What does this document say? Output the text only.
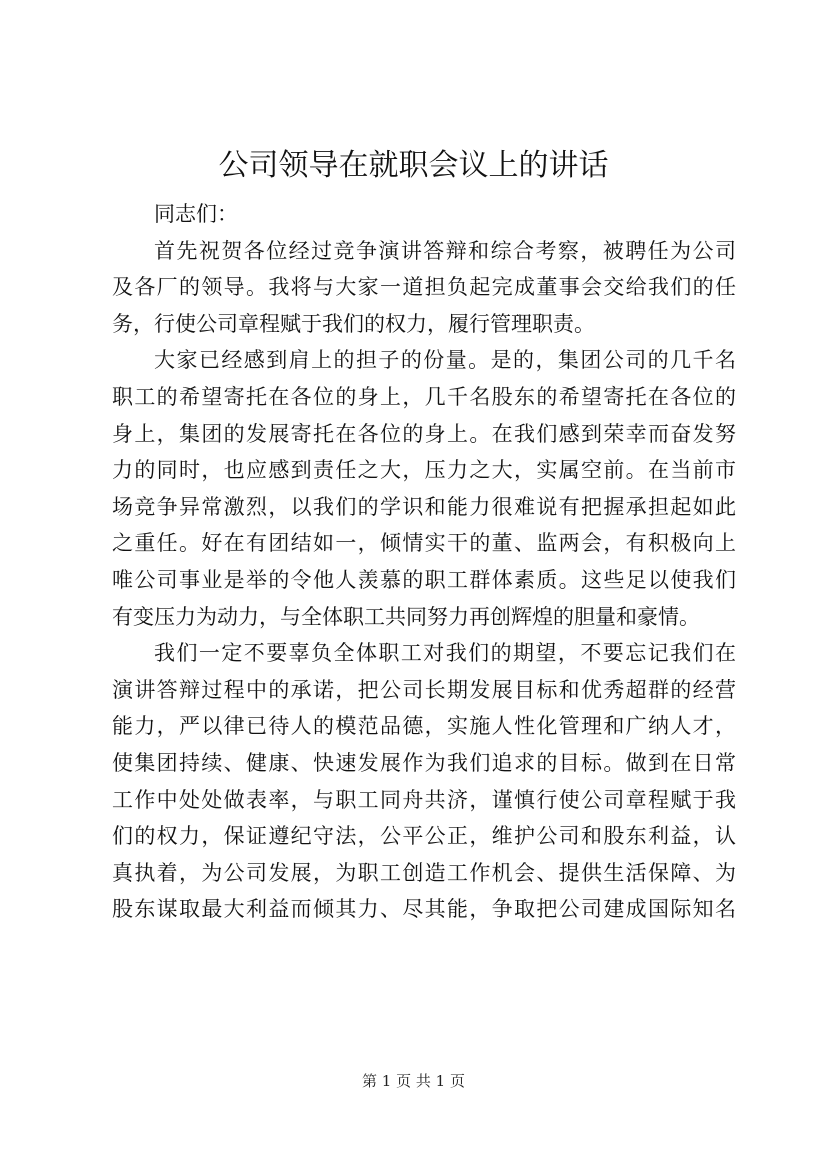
公司领导在就职会议上的讲话
同志们：
首先祝贺各位经过竞争演讲答辩和综合考察，被聘任为公司
及各厂的领导。我将与大家一道担负起完成董事会交给我们的任
务，行使公司章程赋于我们的权力，履行管理职责。
大家已经感到肩上的担子的份量。是的，集团公司的几千名
职工的希望寄托在各位的身上，几千名股东的希望寄托在各位的
身上，集团的发展寄托在各位的身上。在我们感到荣幸而奋发努
力的同时，也应感到责任之大，压力之大，实属空前。在当前市
场竞争异常激烈，以我们的学识和能力很难说有把握承担起如此
之重任。好在有团结如一，倾情实干的董、监两会，有积极向上
唯公司事业是举的令他人羡慕的职工群体素质。这些足以使我们
有变压力为动力，与全体职工共同努力再创辉煌的胆量和豪情。
我们一定不要辜负全体职工对我们的期望，不要忘记我们在
演讲答辩过程中的承诺，把公司长期发展目标和优秀超群的经营
能力，严以律已待人的模范品德，实施人性化管理和广纳人才，
使集团持续、健康、快速发展作为我们追求的目标。做到在日常
工作中处处做表率，与职工同舟共济，谨慎行使公司章程赋于我
们的权力，保证遵纪守法，公平公正，维护公司和股东利益，认
真执着，为公司发展，为职工创造工作机会、提供生活保障、为
股东谋取最大利益而倾其力、尽其能，争取把公司建成国际知名
第 1 页 共 1 页
